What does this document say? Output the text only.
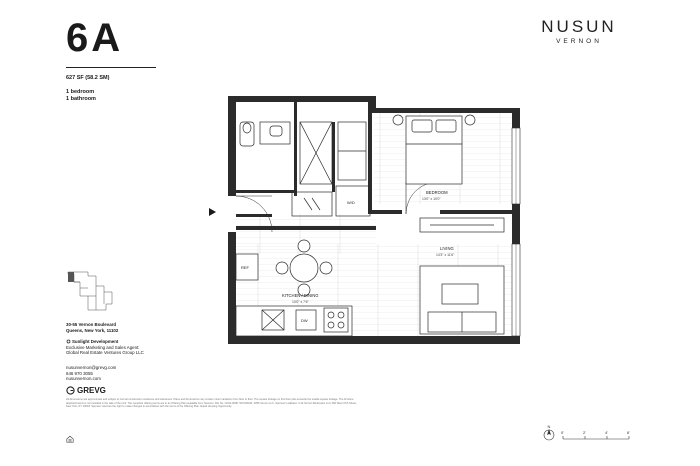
6A
627 SF (58.2 SM)
1 bedroom
1 bathroom
NUSUN
VERNON
30-55 Vernon Boulevard
Queens, New York, 11102
Sunlight Development
Exclusive Marketing and Sales Agent:
Global Real Estate Ventures Group LLC
nusunvernon@grevg.com
646 970 3055
nusunvernon.com
GREVG
All dimensions are approximate and subject to normal construction variances and tolerances. Plans and dimensions may contain minor variations from floor to floor. The square footage on this floor plan exceeds the usable square footage. The furniture depicted herein is not included in the sale of the Unit. The complete offering terms are in an Offering Plan available from Sponsor. File No. CD22-0008. SPONSOR: 3055 Vernon LLC. Sponsor's address: 3-13 Vernon Boulevard, LLC 256 West 37th Street, New York, NY 10018. Sponsor reserves the right to make changes in accordance with the terms of the Offering Plan. Equal Housing Opportunity.
W/D
REF
DW
BEDROOM
13'0" x 10'0"
LIVING
14'3" x 11'6"
KITCHEN / DINING
10'0" x 7'6"
N
0'	2'	4'	6'
